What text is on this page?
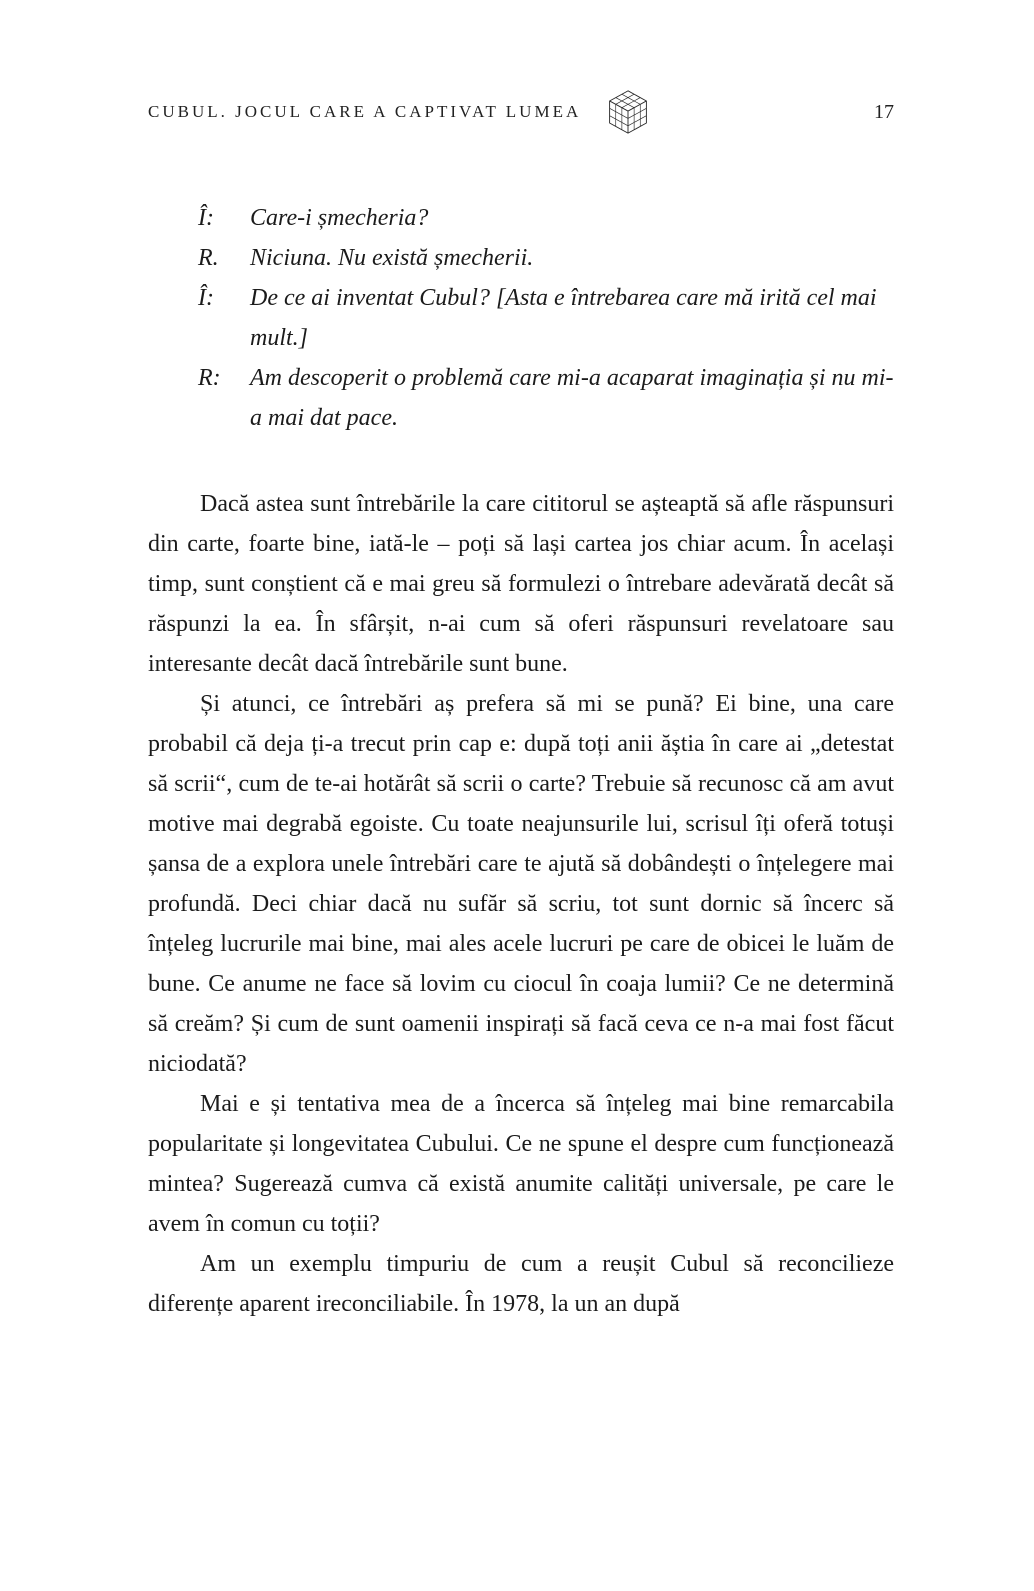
CUBUL. JOCUL CARE A CAPTIVAT LUMEA	17
Î:	Care-i șmecheria?
R.	Niciuna. Nu există șmecherii.
Î:	De ce ai inventat Cubul? [Asta e întrebarea care mă irită cel mai mult.]
R:	Am descoperit o problemă care mi-a acaparat imaginația și nu mi-a mai dat pace.

Dacă astea sunt întrebările la care cititorul se așteaptă să afle răspunsuri din carte, foarte bine, iată-le – poți să lași cartea jos chiar acum. În același timp, sunt conștient că e mai greu să formulezi o întrebare adevărată decât să răspunzi la ea. În sfârșit, n-ai cum să oferi răspunsuri revelatoare sau interesante decât dacă întrebările sunt bune.

Și atunci, ce întrebări aș prefera să mi se pună? Ei bine, una care probabil că deja ți-a trecut prin cap e: după toți anii ăștia în care ai „detestat să scrii“, cum de te-ai hotărât să scrii o carte? Trebuie să recunosc că am avut motive mai degrabă egoiste. Cu toate neajunsurile lui, scrisul îți oferă totuși șansa de a explora unele întrebări care te ajută să dobândești o înțelegere mai profundă. Deci chiar dacă nu sufăr să scriu, tot sunt dornic să încerc să înțeleg lucrurile mai bine, mai ales acele lucruri pe care de obicei le luăm de bune. Ce anume ne face să lovim cu ciocul în coaja lumii? Ce ne determină să creăm? Și cum de sunt oamenii inspirați să facă ceva ce n-a mai fost făcut niciodată?

Mai e și tentativa mea de a încerca să înțeleg mai bine remarcabila popularitate și longevitatea Cubului. Ce ne spune el despre cum funcționează mintea? Sugerează cumva că există anumite calități universale, pe care le avem în comun cu toții?

Am un exemplu timpuriu de cum a reușit Cubul să reconcilieze diferențe aparent ireconciliabile. În 1978, la un an după
